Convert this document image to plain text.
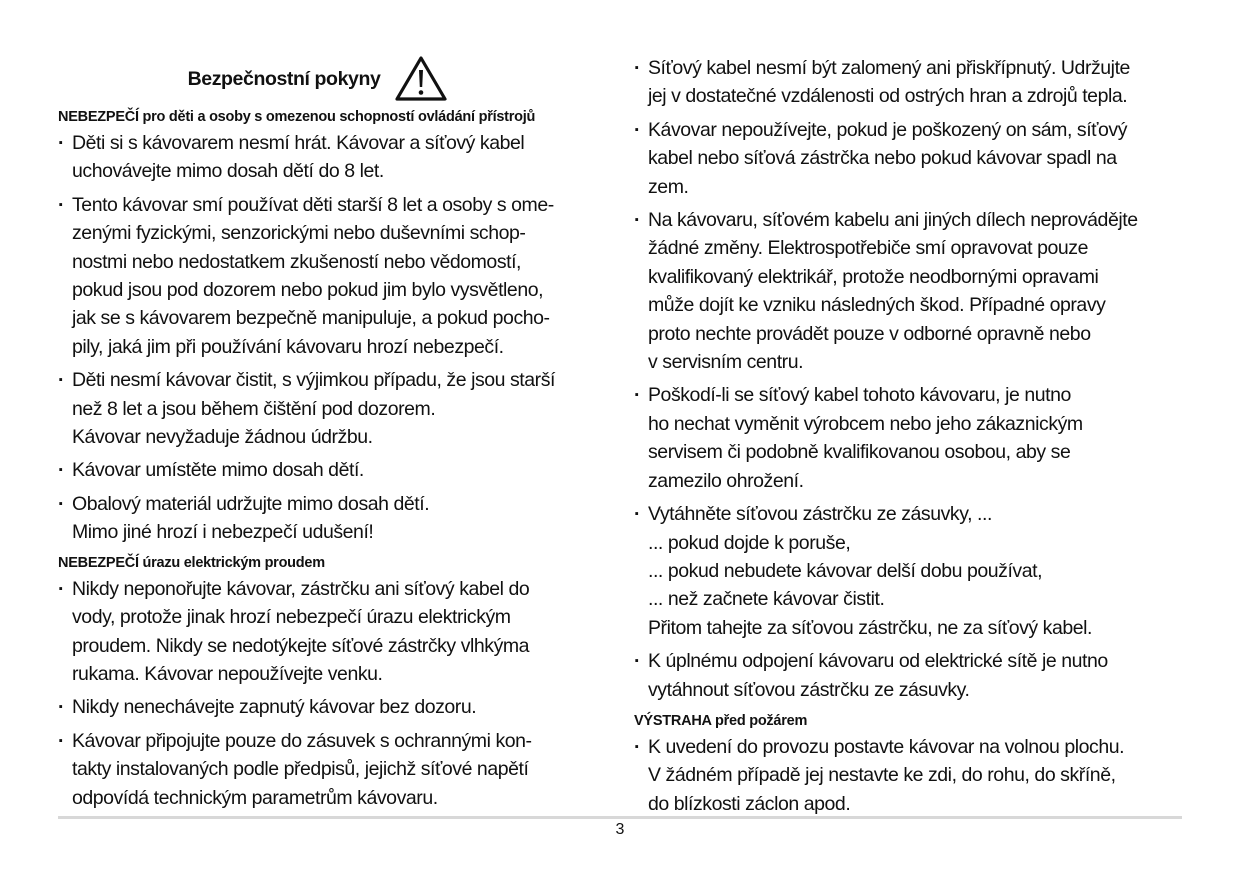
Bezpečnostní pokyny
NEBEZPEČÍ pro děti a osoby s omezenou schopností ovládání přístrojů
· Děti si s kávovarem nesmí hrát. Kávovar a síťový kabel
uchovávejte mimo dosah dětí do 8 let.
· Tento kávovar smí používat děti starší 8 let a osoby s ome-
zenými fyzickými, senzorickými nebo duševními schop-
nostmi nebo nedostatkem zkušeností nebo vědomostí,
pokud jsou pod dozorem nebo pokud jim bylo vysvětleno,
jak se s kávovarem bezpečně manipuluje, a pokud pocho-
pily, jaká jim při používání kávovaru hrozí nebezpečí.
· Děti nesmí kávovar čistit, s výjimkou případu, že jsou starší
než 8 let a jsou během čištění pod dozorem.
Kávovar nevyžaduje žádnou údržbu.
· Kávovar umístěte mimo dosah dětí.
· Obalový materiál udržujte mimo dosah dětí.
Mimo jiné hrozí i nebezpečí udušení!
NEBEZPEČÍ úrazu elektrickým proudem
· Nikdy neponořujte kávovar, zástrčku ani síťový kabel do
vody, protože jinak hrozí nebezpečí úrazu elektrickým
proudem. Nikdy se nedotýkejte síťové zástrčky vlhkýma
rukama. Kávovar nepoužívejte venku.
· Nikdy nenechávejte zapnutý kávovar bez dozoru.
· Kávovar připojujte pouze do zásuvek s ochrannými kon-
takty instalovaných podle předpisů, jejichž síťové napětí
odpovídá technickým parametrům kávovaru.
· Síťový kabel nesmí být zalomený ani přiskřípnutý. Udržujte
jej v dostatečné vzdálenosti od ostrých hran a zdrojů tepla.
· Kávovar nepoužívejte, pokud je poškozený on sám, síťový
kabel nebo síťová zástrčka nebo pokud kávovar spadl na
zem.
· Na kávovaru, síťovém kabelu ani jiných dílech neprovádějte
žádné změny. Elektrospotřebiče smí opravovat pouze
kvalifikovaný elektrikář, protože neodbornými opravami
může dojít ke vzniku následných škod. Případné opravy
proto nechte provádět pouze v odborné opravně nebo
v servisním centru.
· Poškodí-li se síťový kabel tohoto kávovaru, je nutno
ho nechat vyměnit výrobcem nebo jeho zákaznickým
servisem či podobně kvalifikovanou osobou, aby se
zamezilo ohrožení.
· Vytáhněte síťovou zástrčku ze zásuvky, ...
... pokud dojde k poruše,
... pokud nebudete kávovar delší dobu používat,
... než začnete kávovar čistit.
Přitom tahejte za síťovou zástrčku, ne za síťový kabel.
· K úplnému odpojení kávovaru od elektrické sítě je nutno
vytáhnout síťovou zástrčku ze zásuvky.
VÝSTRAHA před požárem
· K uvedení do provozu postavte kávovar na volnou plochu.
V žádném případě jej nestavte ke zdi, do rohu, do skříně,
do blízkosti záclon apod.
3
